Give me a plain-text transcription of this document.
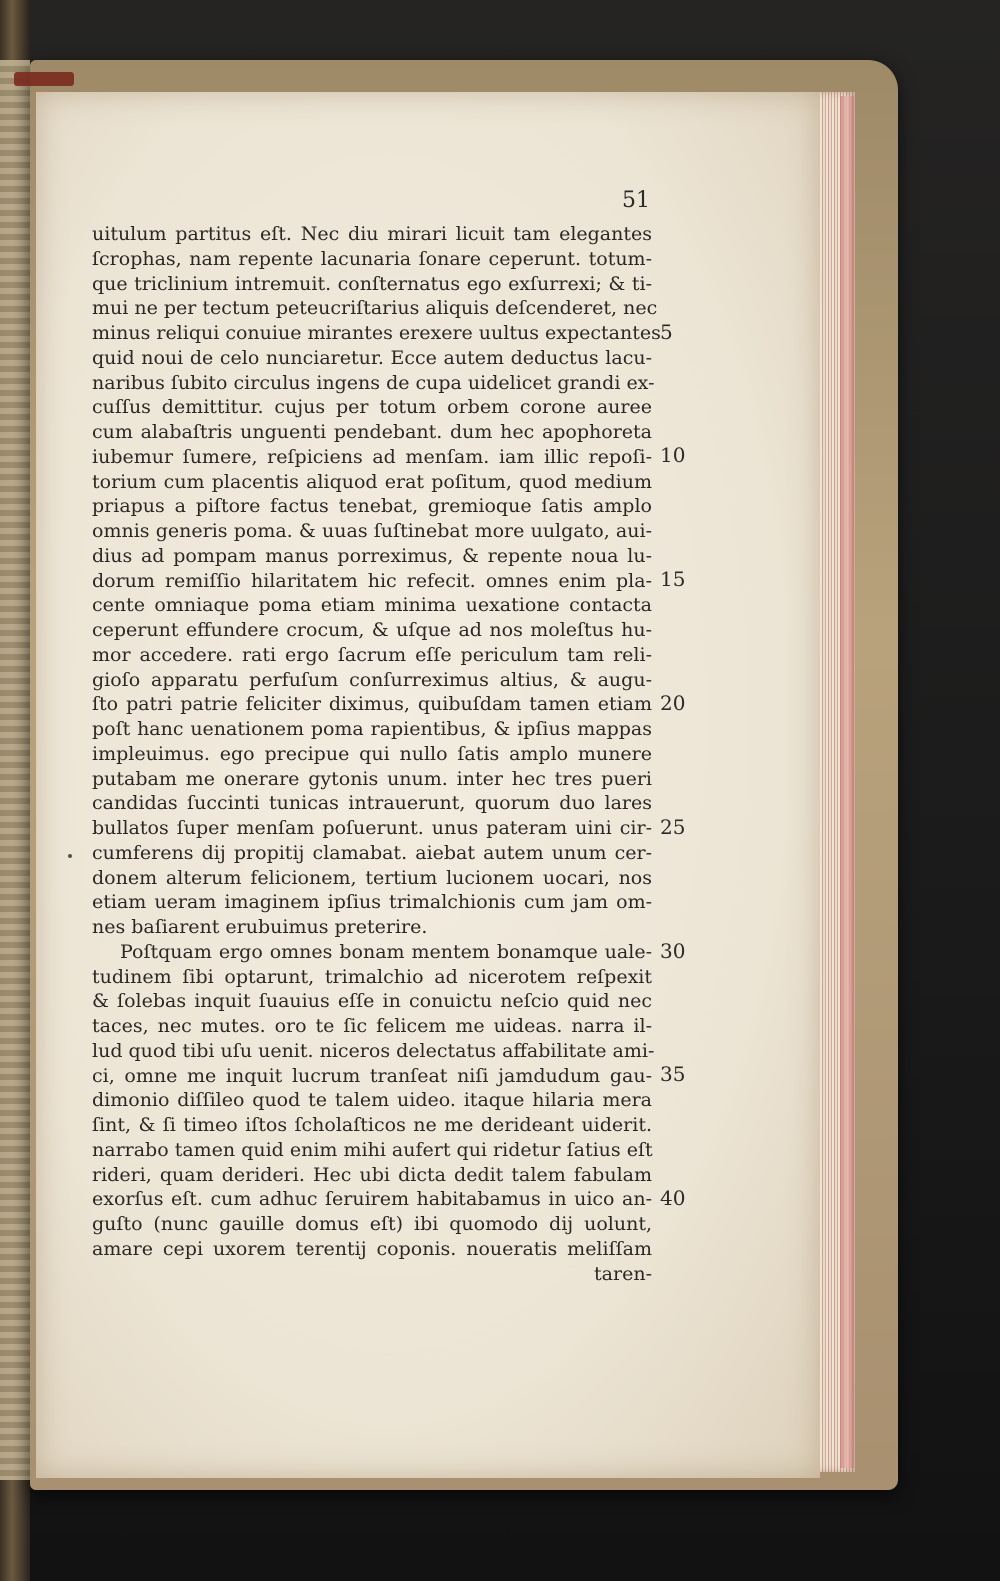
51
uitulum partitus eſt. Nec diu mirari licuit tam elegantes
ſcrophas, nam repente lacunaria ſonare ceperunt. totum-
que triclinium intremuit. conſternatus ego exſurrexi; & ti-
mui ne per tectum peteucriſtarius aliquis deſcenderet, nec
minus reliqui conuiue mirantes erexere uultus expectantes
quid noui de celo nunciaretur. Ecce autem deductus lacu-
naribus ſubito circulus ingens de cupa uidelicet grandi ex-
cuſſus demittitur. cujus per totum orbem corone auree
cum alabaſtris unguenti pendebant. dum hec apophoreta
iubemur ſumere, reſpiciens ad menſam. iam illic repoſi-
torium cum placentis aliquod erat poſitum, quod medium
priapus a piſtore factus tenebat, gremioque ſatis amplo
omnis generis poma. & uuas ſuſtinebat more uulgato, aui-
dius ad pompam manus porreximus, & repente noua lu-
dorum remiſſio hilaritatem hic refecit. omnes enim pla-
cente omniaque poma etiam minima uexatione contacta
ceperunt effundere crocum, & uſque ad nos moleſtus hu-
mor accedere. rati ergo ſacrum eſſe periculum tam reli-
gioſo apparatu perfuſum conſurreximus altius, & augu-
ſto patri patrie feliciter diximus, quibuſdam tamen etiam
poſt hanc uenationem poma rapientibus, & ipſius mappas
impleuimus. ego precipue qui nullo ſatis amplo munere
putabam me onerare gytonis unum. inter hec tres pueri
candidas ſuccinti tunicas intrauerunt, quorum duo lares
bullatos ſuper menſam poſuerunt. unus pateram uini cir-
cumferens dij propitij clamabat. aiebat autem unum cer-
donem alterum felicionem, tertium lucionem uocari, nos
etiam ueram imaginem ipſius trimalchionis cum jam om-
nes baſiarent erubuimus preterire.
Poſtquam ergo omnes bonam mentem bonamque uale-
tudinem ſibi optarunt, trimalchio ad nicerotem reſpexit
& ſolebas inquit ſuauius eſſe in conuictu neſcio quid nec
taces, nec mutes. oro te ſic felicem me uideas. narra il-
lud quod tibi uſu uenit. niceros delectatus affabilitate ami-
ci, omne me inquit lucrum tranſeat niſi jamdudum gau-
dimonio diſſileo quod te talem uideo. itaque hilaria mera
ſint, & ſi timeo iſtos ſcholaſticos ne me derideant uiderit.
narrabo tamen quid enim mihi aufert qui ridetur ſatius eſt
rideri, quam derideri. Hec ubi dicta dedit talem fabulam
exorſus eſt. cum adhuc ſeruirem habitabamus in uico an-
guſto (nunc gauille domus eſt) ibi quomodo dij uolunt,
amare cepi uxorem terentij coponis. noueratis meliſſam
taren-
5
10
15
20
25
30
35
40
